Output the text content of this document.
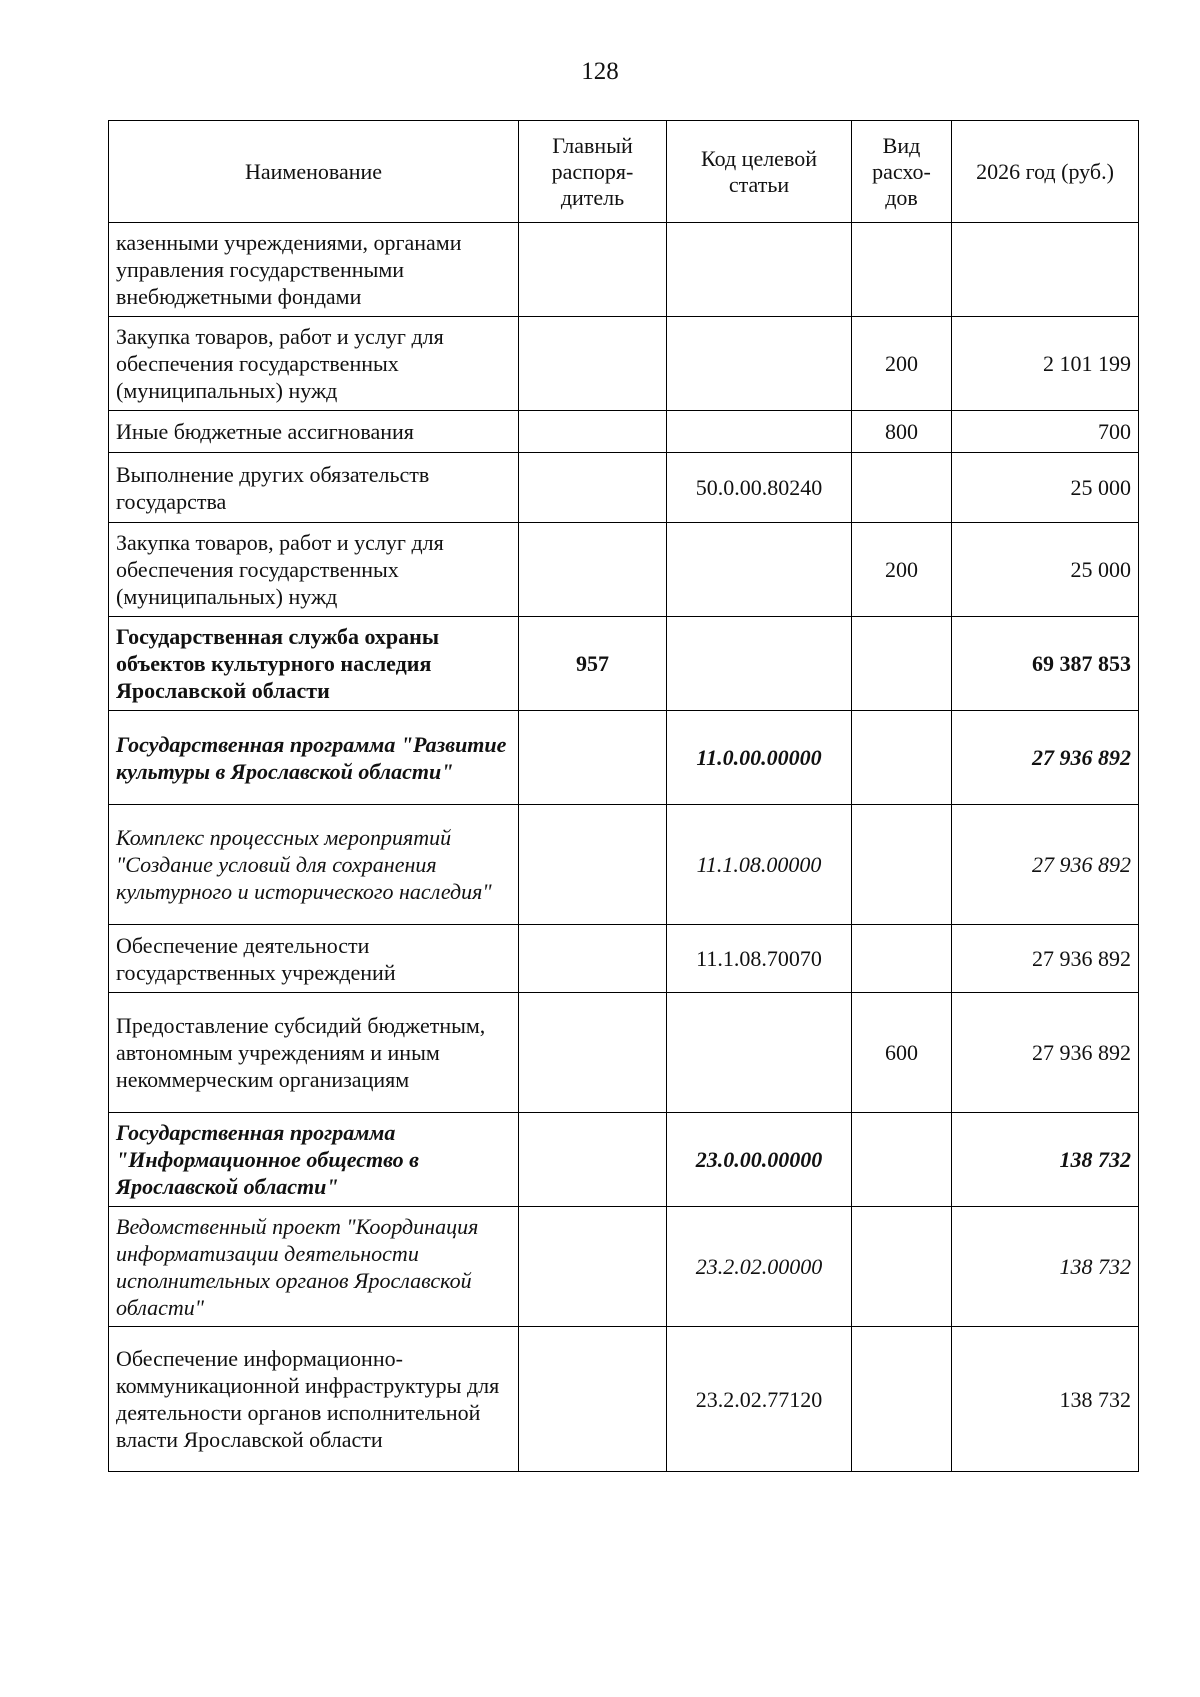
128
Наименование	Главный распоря-дитель	Код целевой статьи	Вид расхо-дов	2026 год (руб.)
казенными учреждениями, органами управления государственными внебюджетными фондами				
Закупка товаров, работ и услуг для обеспечения государственных (муниципальных) нужд			200	2 101 199
Иные бюджетные ассигнования			800	700
Выполнение других обязательств государства		50.0.00.80240		25 000
Закупка товаров, работ и услуг для обеспечения государственных (муниципальных) нужд			200	25 000
Государственная служба охраны объектов культурного наследия Ярославской области	957			69 387 853
Государственная программа "Развитие культуры в Ярославской области"		11.0.00.00000		27 936 892
Комплекс процессных мероприятий "Создание условий для сохранения культурного и исторического наследия"		11.1.08.00000		27 936 892
Обеспечение деятельности государственных учреждений		11.1.08.70070		27 936 892
Предоставление субсидий бюджетным, автономным учреждениям и иным некоммерческим организациям			600	27 936 892
Государственная программа "Информационное общество в Ярославской области"		23.0.00.00000		138 732
Ведомственный проект "Координация информатизации деятельности исполнительных органов Ярославской области"		23.2.02.00000		138 732
Обеспечение информационно-коммуникационной инфраструктуры для деятельности органов исполнительной власти Ярославской области		23.2.02.77120		138 732
